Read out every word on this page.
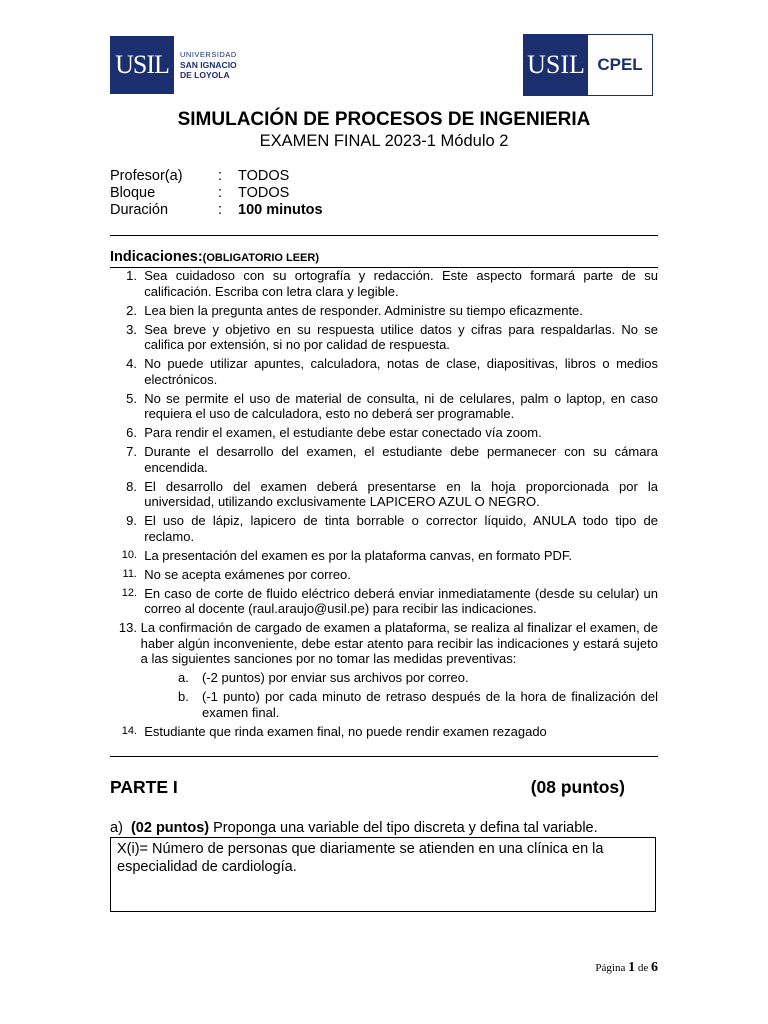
USIL	UNIVERSIDAD
SAN IGNACIO
DE LOYOLA	USIL CPEL
SIMULACIÓN DE PROCESOS DE INGENIERIA
EXAMEN FINAL 2023-1 Módulo 2
Profesor(a)	:	TODOS
Bloque	:	TODOS
Duración	:	100 minutos
Indicaciones:(OBLIGATORIO LEER)
1.
Sea cuidadoso con su ortografía y redacción. Este aspecto formará parte de su calificación. Escriba con letra clara y legible.
2.
Lea bien la pregunta antes de responder. Administre su tiempo eficazmente.
3.
Sea breve y objetivo en su respuesta utilice datos y cifras para respaldarlas. No se califica por extensión, si no por calidad de respuesta.
4.
No puede utilizar apuntes, calculadora, notas de clase, diapositivas, libros o medios electrónicos.
5.
No se permite el uso de material de consulta, ni de celulares, palm o laptop, en caso requiera el uso de calculadora, esto no deberá ser programable.
6.
Para rendir el examen, el estudiante debe estar conectado vía zoom.
7.
Durante el desarrollo del examen, el estudiante debe permanecer con su cámara encendida.
8.
El desarrollo del examen deberá presentarse en la hoja proporcionada por la universidad, utilizando exclusivamente LAPICERO AZUL O NEGRO.
9.
El uso de lápiz, lapicero de tinta borrable o corrector líquido, ANULA todo tipo de reclamo.
10.
La presentación del examen es por la plataforma canvas, en formato PDF.
11.
No se acepta exámenes por correo.
12.
En caso de corte de fluido eléctrico deberá enviar inmediatamente (desde su celular) un correo al docente (raul.araujo@usil.pe) para recibir las indicaciones.
13.
La confirmación de cargado de examen a plataforma, se realiza al finalizar el examen, de haber algún inconveniente, debe estar atento para recibir las indicaciones y estará sujeto a las siguientes sanciones por no tomar las medidas preventivas:
a.	(-2 puntos) por enviar sus archivos por correo.
b.	(-1 punto) por cada minuto de retraso después de la hora de finalización del examen final.
14.
Estudiante que rinda examen final, no puede rendir examen rezagado
PARTE I	(08 puntos)
a) (02 puntos) Proponga una variable del tipo discreta y defina tal variable.
X(i)= Número de personas que diariamente se atienden en una clínica en la especialidad de cardiología.
Página 1 de 6
